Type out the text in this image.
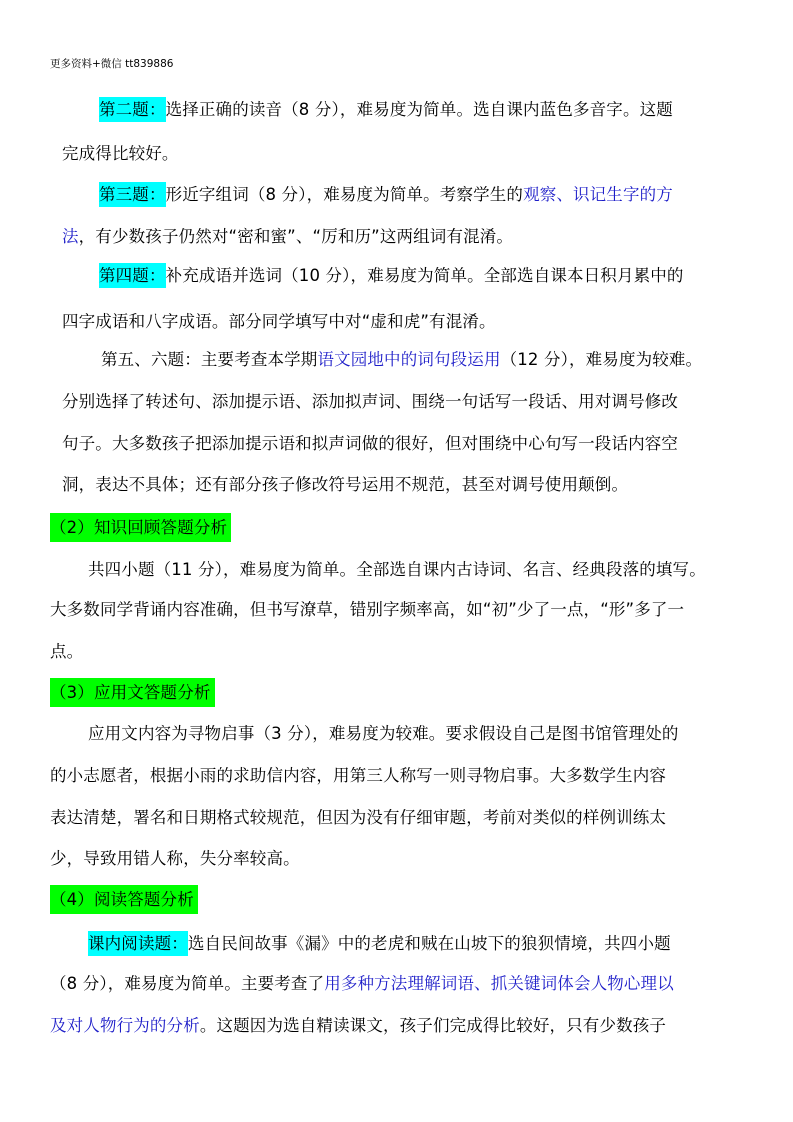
更多资料+微信 tt839886
第二题：选择正确的读音（8 分），难易度为简单。选自课内蓝色多音字。这题
完成得比较好。
第三题：形近字组词（8 分），难易度为简单。考察学生的观察、识记生字的方
法，有少数孩子仍然对“密和蜜”、“厉和历”这两组词有混淆。
第四题：补充成语并选词（10 分），难易度为简单。全部选自课本日积月累中的
四字成语和八字成语。部分同学填写中对“虚和虎”有混淆。
第五、六题：主要考查本学期语文园地中的词句段运用（12 分），难易度为较难。
分别选择了转述句、添加提示语、添加拟声词、围绕一句话写一段话、用对调号修改
句子。大多数孩子把添加提示语和拟声词做的很好，但对围绕中心句写一段话内容空
洞，表达不具体；还有部分孩子修改符号运用不规范，甚至对调号使用颠倒。
（2）知识回顾答题分析
共四小题（11 分），难易度为简单。全部选自课内古诗词、名言、经典段落的填写。
大多数同学背诵内容准确，但书写潦草，错别字频率高，如“初”少了一点，“形”多了一
点。
（3）应用文答题分析
应用文内容为寻物启事（3 分），难易度为较难。要求假设自己是图书馆管理处的
的小志愿者，根据小雨的求助信内容，用第三人称写一则寻物启事。大多数学生内容
表达清楚，署名和日期格式较规范，但因为没有仔细审题，考前对类似的样例训练太
少，导致用错人称，失分率较高。
（4）阅读答题分析
课内阅读题：选自民间故事《漏》中的老虎和贼在山坡下的狼狈情境，共四小题
（8 分），难易度为简单。主要考查了用多种方法理解词语、抓关键词体会人物心理以
及对人物行为的分析。这题因为选自精读课文，孩子们完成得比较好，只有少数孩子
